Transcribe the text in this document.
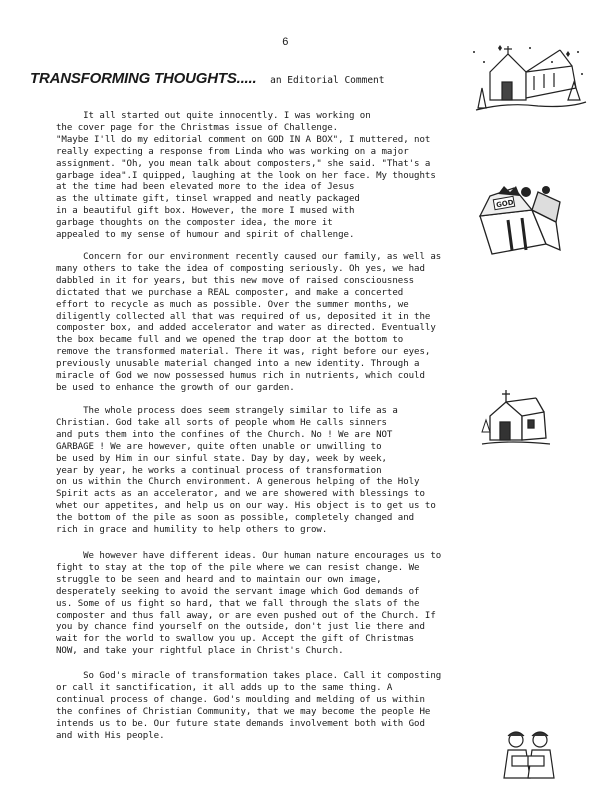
6
TRANSFORMING THOUGHTS..... an Editorial Comment
GOD

It all started out quite innocently. I was working on
the cover page for the Christmas issue of Challenge.
"Maybe I'll do my editorial comment on GOD IN A BOX", I muttered, not
really expecting a response from Linda who was working on a major
assignment. "Oh, you mean talk about composters," she said. "That's a
garbage idea".I quipped, laughing at the look on her face. My thoughts
at the time had been elevated more to the idea of Jesus
as the ultimate gift, tinsel wrapped and neatly packaged
in a beautiful gift box. However, the more I mused with
garbage thoughts on the composter idea, the more it
appealed to my sense of humour and spirit of challenge.

Concern for our environment recently caused our family, as well as
many others to take the idea of composting seriously. Oh yes, we had
dabbled in it for years, but this new move of raised consciousness
dictated that we purchase a REAL composter, and make a concerted
effort to recycle as much as possible. Over the summer months, we
diligently collected all that was required of us, deposited it in the
composter box, and added accelerator and water as directed. Eventually
the box became full and we opened the trap door at the bottom to
remove the transformed material. There it was, right before our eyes,
previously unusable material changed into a new identity. Through a
miracle of God we now possessed humus rich in nutrients, which could
be used to enhance the growth of our garden.

The whole process does seem strangely similar to life as a
Christian. God take all sorts of people whom He calls sinners
and puts them into the confines of the Church. No ! We are NOT
GARBAGE ! We are however, quite often unable or unwilling to
be used by Him in our sinful state. Day by day, week by week,
year by year, he works a continual process of transformation
on us within the Church environment. A generous helping of the Holy
Spirit acts as an accelerator, and we are showered with blessings to
whet our appetites, and help us on our way. His object is to get us to
the bottom of the pile as soon as possible, completely changed and
rich in grace and humility to help others to grow.

We however have different ideas. Our human nature encourages us to
fight to stay at the top of the pile where we can resist change. We
struggle to be seen and heard and to maintain our own image,
desperately seeking to avoid the servant image which God demands of
us. Some of us fight so hard, that we fall through the slats of the
composter and thus fall away, or are even pushed out of the Church. If
you by chance find yourself on the outside, don't just lie there and
wait for the world to swallow you up. Accept the gift of Christmas
NOW, and take your rightful place in Christ's Church.

So God's miracle of transformation takes place. Call it composting
or call it sanctification, it all adds up to the same thing. A
continual process of change. God's moulding and melding of us within
the confines of Christian Community, that we may become the people He
intends us to be. Our future state demands involvement both with God
and with His people.
